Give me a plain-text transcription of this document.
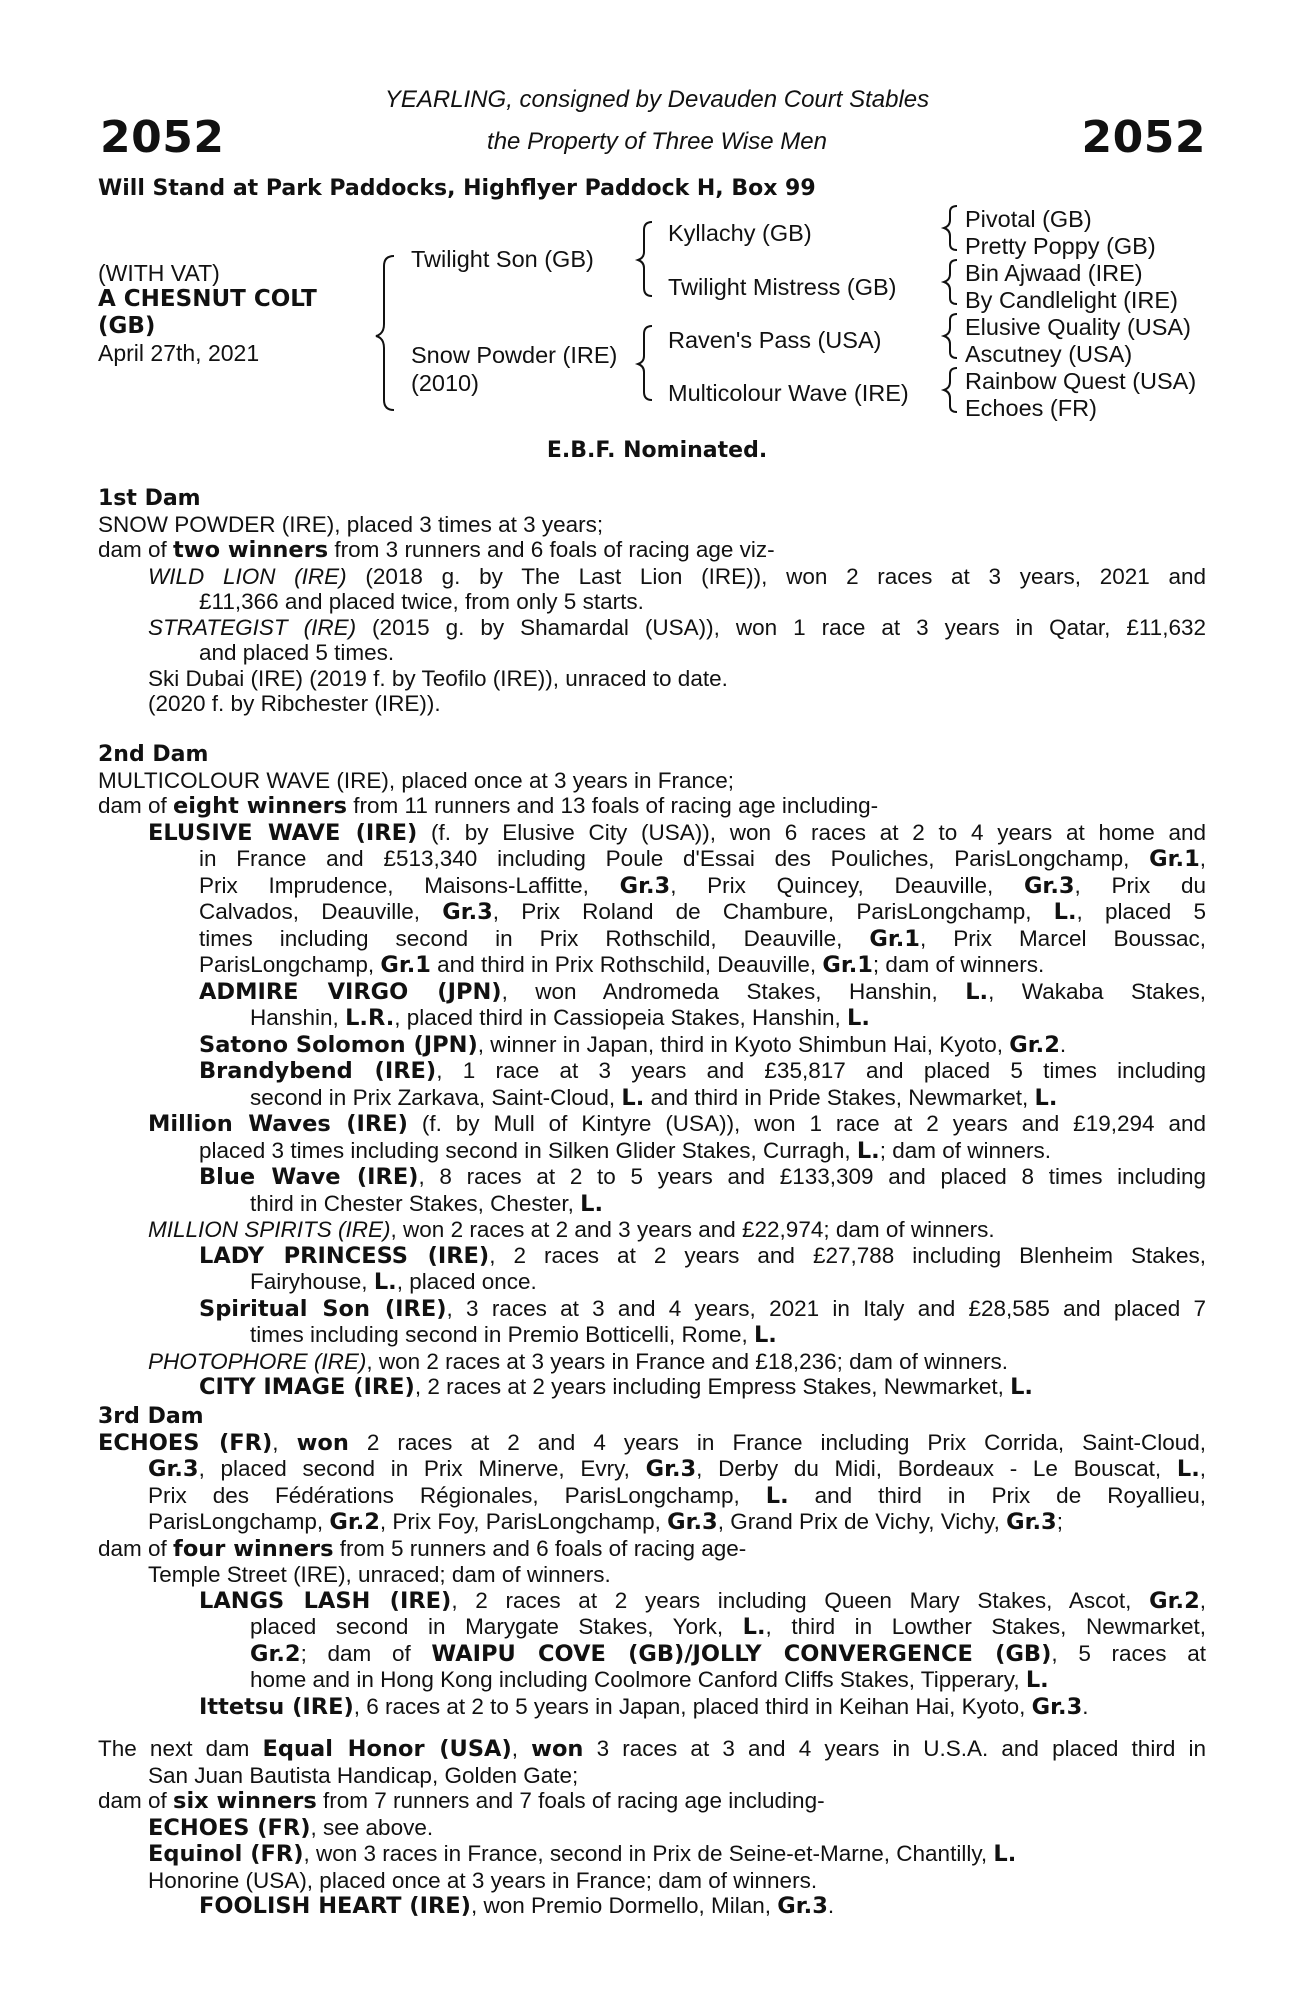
2052	2052
YEARLING, consigned by Devauden Court Stables
the Property of Three Wise Men
Will Stand at Park Paddocks, Highflyer Paddock H, Box 99
(WITH VAT)
A CHESNUT COLT
(GB)
April 27th, 2021
Twilight Son (GB)
Snow Powder (IRE)
(2010)
Kyllachy (GB)
Twilight Mistress (GB)
Raven's Pass (USA)
Multicolour Wave (IRE)
Pivotal (GB)
Pretty Poppy (GB)
Bin Ajwaad (IRE)
By Candlelight (IRE)
Elusive Quality (USA)
Ascutney (USA)
Rainbow Quest (USA)
Echoes (FR)
E.B.F. Nominated.
1st Dam
SNOW POWDER (IRE), placed 3 times at 3 years;
dam of two winners from 3 runners and 6 foals of racing age viz-
WILD LION (IRE) (2018 g. by The Last Lion (IRE)), won 2 races at 3 years, 2021 and
£11,366 and placed twice, from only 5 starts.
STRATEGIST (IRE) (2015 g. by Shamardal (USA)), won 1 race at 3 years in Qatar, £11,632
and placed 5 times.
Ski Dubai (IRE) (2019 f. by Teofilo (IRE)), unraced to date.
(2020 f. by Ribchester (IRE)).
2nd Dam
MULTICOLOUR WAVE (IRE), placed once at 3 years in France;
dam of eight winners from 11 runners and 13 foals of racing age including-
ELUSIVE WAVE (IRE) (f. by Elusive City (USA)), won 6 races at 2 to 4 years at home and
in France and £513,340 including Poule d'Essai des Pouliches, ParisLongchamp, Gr.1,
Prix Imprudence, Maisons-Laffitte, Gr.3, Prix Quincey, Deauville, Gr.3, Prix du
Calvados, Deauville, Gr.3, Prix Roland de Chambure, ParisLongchamp, L., placed 5
times including second in Prix Rothschild, Deauville, Gr.1, Prix Marcel Boussac,
ParisLongchamp, Gr.1 and third in Prix Rothschild, Deauville, Gr.1; dam of winners.
ADMIRE VIRGO (JPN), won Andromeda Stakes, Hanshin, L., Wakaba Stakes,
Hanshin, L.R., placed third in Cassiopeia Stakes, Hanshin, L.
Satono Solomon (JPN), winner in Japan, third in Kyoto Shimbun Hai, Kyoto, Gr.2.
Brandybend (IRE), 1 race at 3 years and £35,817 and placed 5 times including
second in Prix Zarkava, Saint-Cloud, L. and third in Pride Stakes, Newmarket, L.
Million Waves (IRE) (f. by Mull of Kintyre (USA)), won 1 race at 2 years and £19,294 and
placed 3 times including second in Silken Glider Stakes, Curragh, L.; dam of winners.
Blue Wave (IRE), 8 races at 2 to 5 years and £133,309 and placed 8 times including
third in Chester Stakes, Chester, L.
MILLION SPIRITS (IRE), won 2 races at 2 and 3 years and £22,974; dam of winners.
LADY PRINCESS (IRE), 2 races at 2 years and £27,788 including Blenheim Stakes,
Fairyhouse, L., placed once.
Spiritual Son (IRE), 3 races at 3 and 4 years, 2021 in Italy and £28,585 and placed 7
times including second in Premio Botticelli, Rome, L.
PHOTOPHORE (IRE), won 2 races at 3 years in France and £18,236; dam of winners.
CITY IMAGE (IRE), 2 races at 2 years including Empress Stakes, Newmarket, L.
3rd Dam
ECHOES (FR), won 2 races at 2 and 4 years in France including Prix Corrida, Saint-Cloud,
Gr.3, placed second in Prix Minerve, Evry, Gr.3, Derby du Midi, Bordeaux - Le Bouscat, L.,
Prix des Fédérations Régionales, ParisLongchamp, L. and third in Prix de Royallieu,
ParisLongchamp, Gr.2, Prix Foy, ParisLongchamp, Gr.3, Grand Prix de Vichy, Vichy, Gr.3;
dam of four winners from 5 runners and 6 foals of racing age-
Temple Street (IRE), unraced; dam of winners.
LANGS LASH (IRE), 2 races at 2 years including Queen Mary Stakes, Ascot, Gr.2,
placed second in Marygate Stakes, York, L., third in Lowther Stakes, Newmarket,
Gr.2; dam of WAIPU COVE (GB)/JOLLY CONVERGENCE (GB), 5 races at
home and in Hong Kong including Coolmore Canford Cliffs Stakes, Tipperary, L.
Ittetsu (IRE), 6 races at 2 to 5 years in Japan, placed third in Keihan Hai, Kyoto, Gr.3.
The next dam Equal Honor (USA), won 3 races at 3 and 4 years in U.S.A. and placed third in
San Juan Bautista Handicap, Golden Gate;
dam of six winners from 7 runners and 7 foals of racing age including-
ECHOES (FR), see above.
Equinol (FR), won 3 races in France, second in Prix de Seine-et-Marne, Chantilly, L.
Honorine (USA), placed once at 3 years in France; dam of winners.
FOOLISH HEART (IRE), won Premio Dormello, Milan, Gr.3.
